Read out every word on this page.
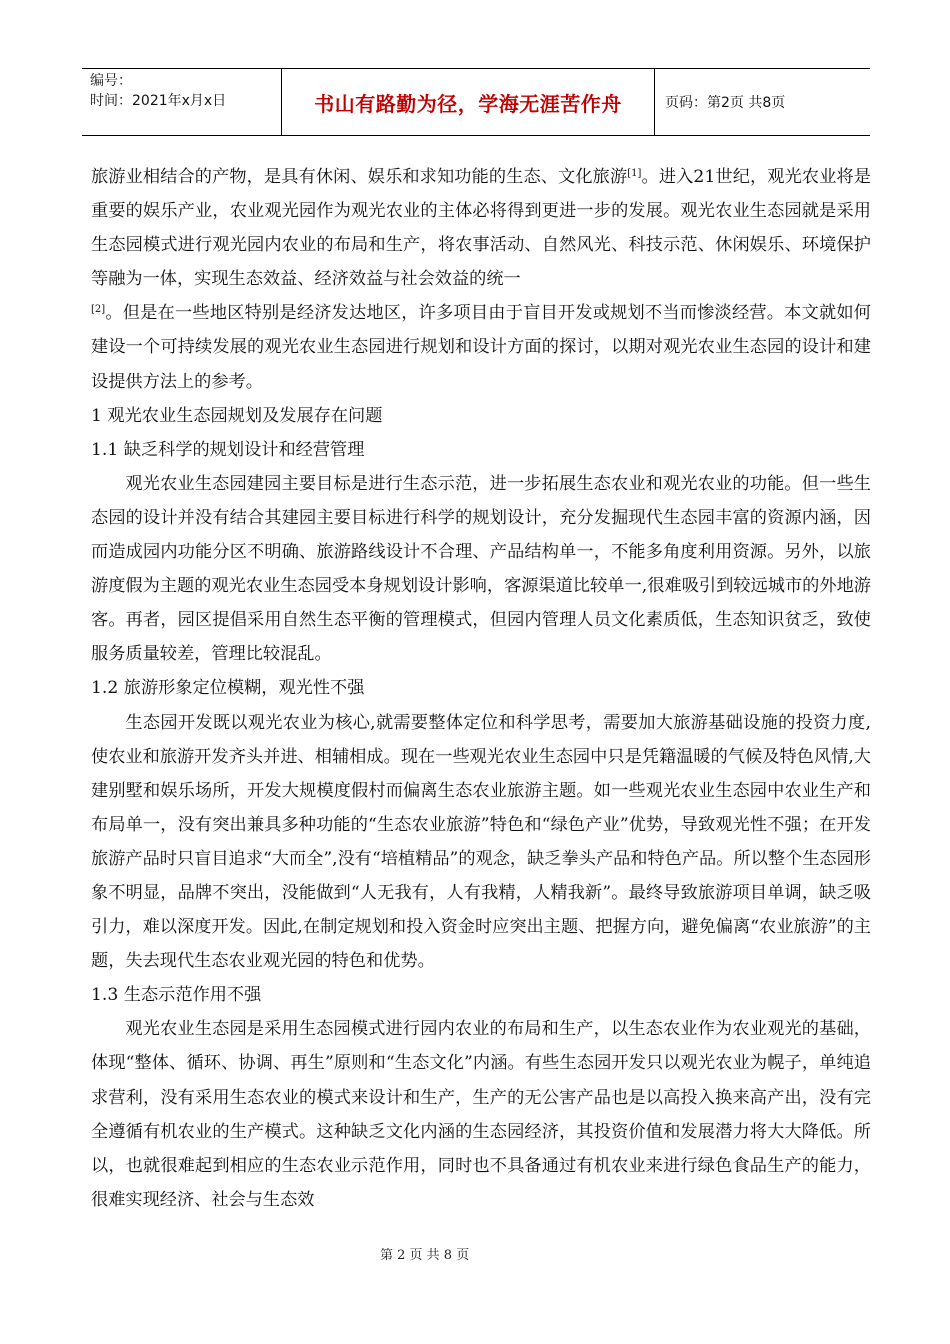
编号：
时间：2021年x月x日	书山有路勤为径，学海无涯苦作舟	页码：第2页 共8页

旅游业相结合的产物，是具有休闲、娱乐和求知功能的生态、文化旅游[1]。进入21世纪，观光农业将是重要的娱乐产业，农业观光园作为观光农业的主体必将得到更进一步的发展。观光农业生态园就是采用生态园模式进行观光园内农业的布局和生产，将农事活动、自然风光、科技示范、休闲娱乐、环境保护等融为一体，实现生态效益、经济效益与社会效益的统一
[2]。但是在一些地区特别是经济发达地区，许多项目由于盲目开发或规划不当而惨淡经营。本文就如何建设一个可持续发展的观光农业生态园进行规划和设计方面的探讨，以期对观光农业生态园的设计和建设提供方法上的参考。

1 观光农业生态园规划及发展存在问题

1.1 缺乏科学的规划设计和经营管理

观光农业生态园建园主要目标是进行生态示范，进一步拓展生态农业和观光农业的功能。但一些生态园的设计并没有结合其建园主要目标进行科学的规划设计，充分发掘现代生态园丰富的资源内涵，因而造成园内功能分区不明确、旅游路线设计不合理、产品结构单一，不能多角度利用资源。另外，以旅游度假为主题的观光农业生态园受本身规划设计影响，客源渠道比较单一,很难吸引到较远城市的外地游客。再者，园区提倡采用自然生态平衡的管理模式，但园内管理人员文化素质低，生态知识贫乏，致使服务质量较差，管理比较混乱。

1.2 旅游形象定位模糊，观光性不强

生态园开发既以观光农业为核心,就需要整体定位和科学思考，需要加大旅游基础设施的投资力度,使农业和旅游开发齐头并进、相辅相成。现在一些观光农业生态园中只是凭籍温暖的气候及特色风情,大建别墅和娱乐场所，开发大规模度假村而偏离生态农业旅游主题。如一些观光农业生态园中农业生产和布局单一，没有突出兼具多种功能的“生态农业旅游”特色和“绿色产业”优势，导致观光性不强；在开发旅游产品时只盲目追求“大而全”,没有“培植精品”的观念，缺乏拳头产品和特色产品。所以整个生态园形象不明显，品牌不突出，没能做到“人无我有，人有我精，人精我新”。最终导致旅游项目单调，缺乏吸引力，难以深度开发。因此,在制定规划和投入资金时应突出主题、把握方向，避免偏离“农业旅游”的主题，失去现代生态农业观光园的特色和优势。

1.3 生态示范作用不强

观光农业生态园是采用生态园模式进行园内农业的布局和生产，以生态农业作为农业观光的基础，体现“整体、循环、协调、再生”原则和“生态文化”内涵。有些生态园开发只以观光农业为幌子，单纯追求营利，没有采用生态农业的模式来设计和生产，生产的无公害产品也是以高投入换来高产出，没有完全遵循有机农业的生产模式。这种缺乏文化内涵的生态园经济，其投资价值和发展潜力将大大降低。所以，也就很难起到相应的生态农业示范作用，同时也不具备通过有机农业来进行绿色食品生产的能力，很难实现经济、社会与生态效

第 2 页 共 8 页
